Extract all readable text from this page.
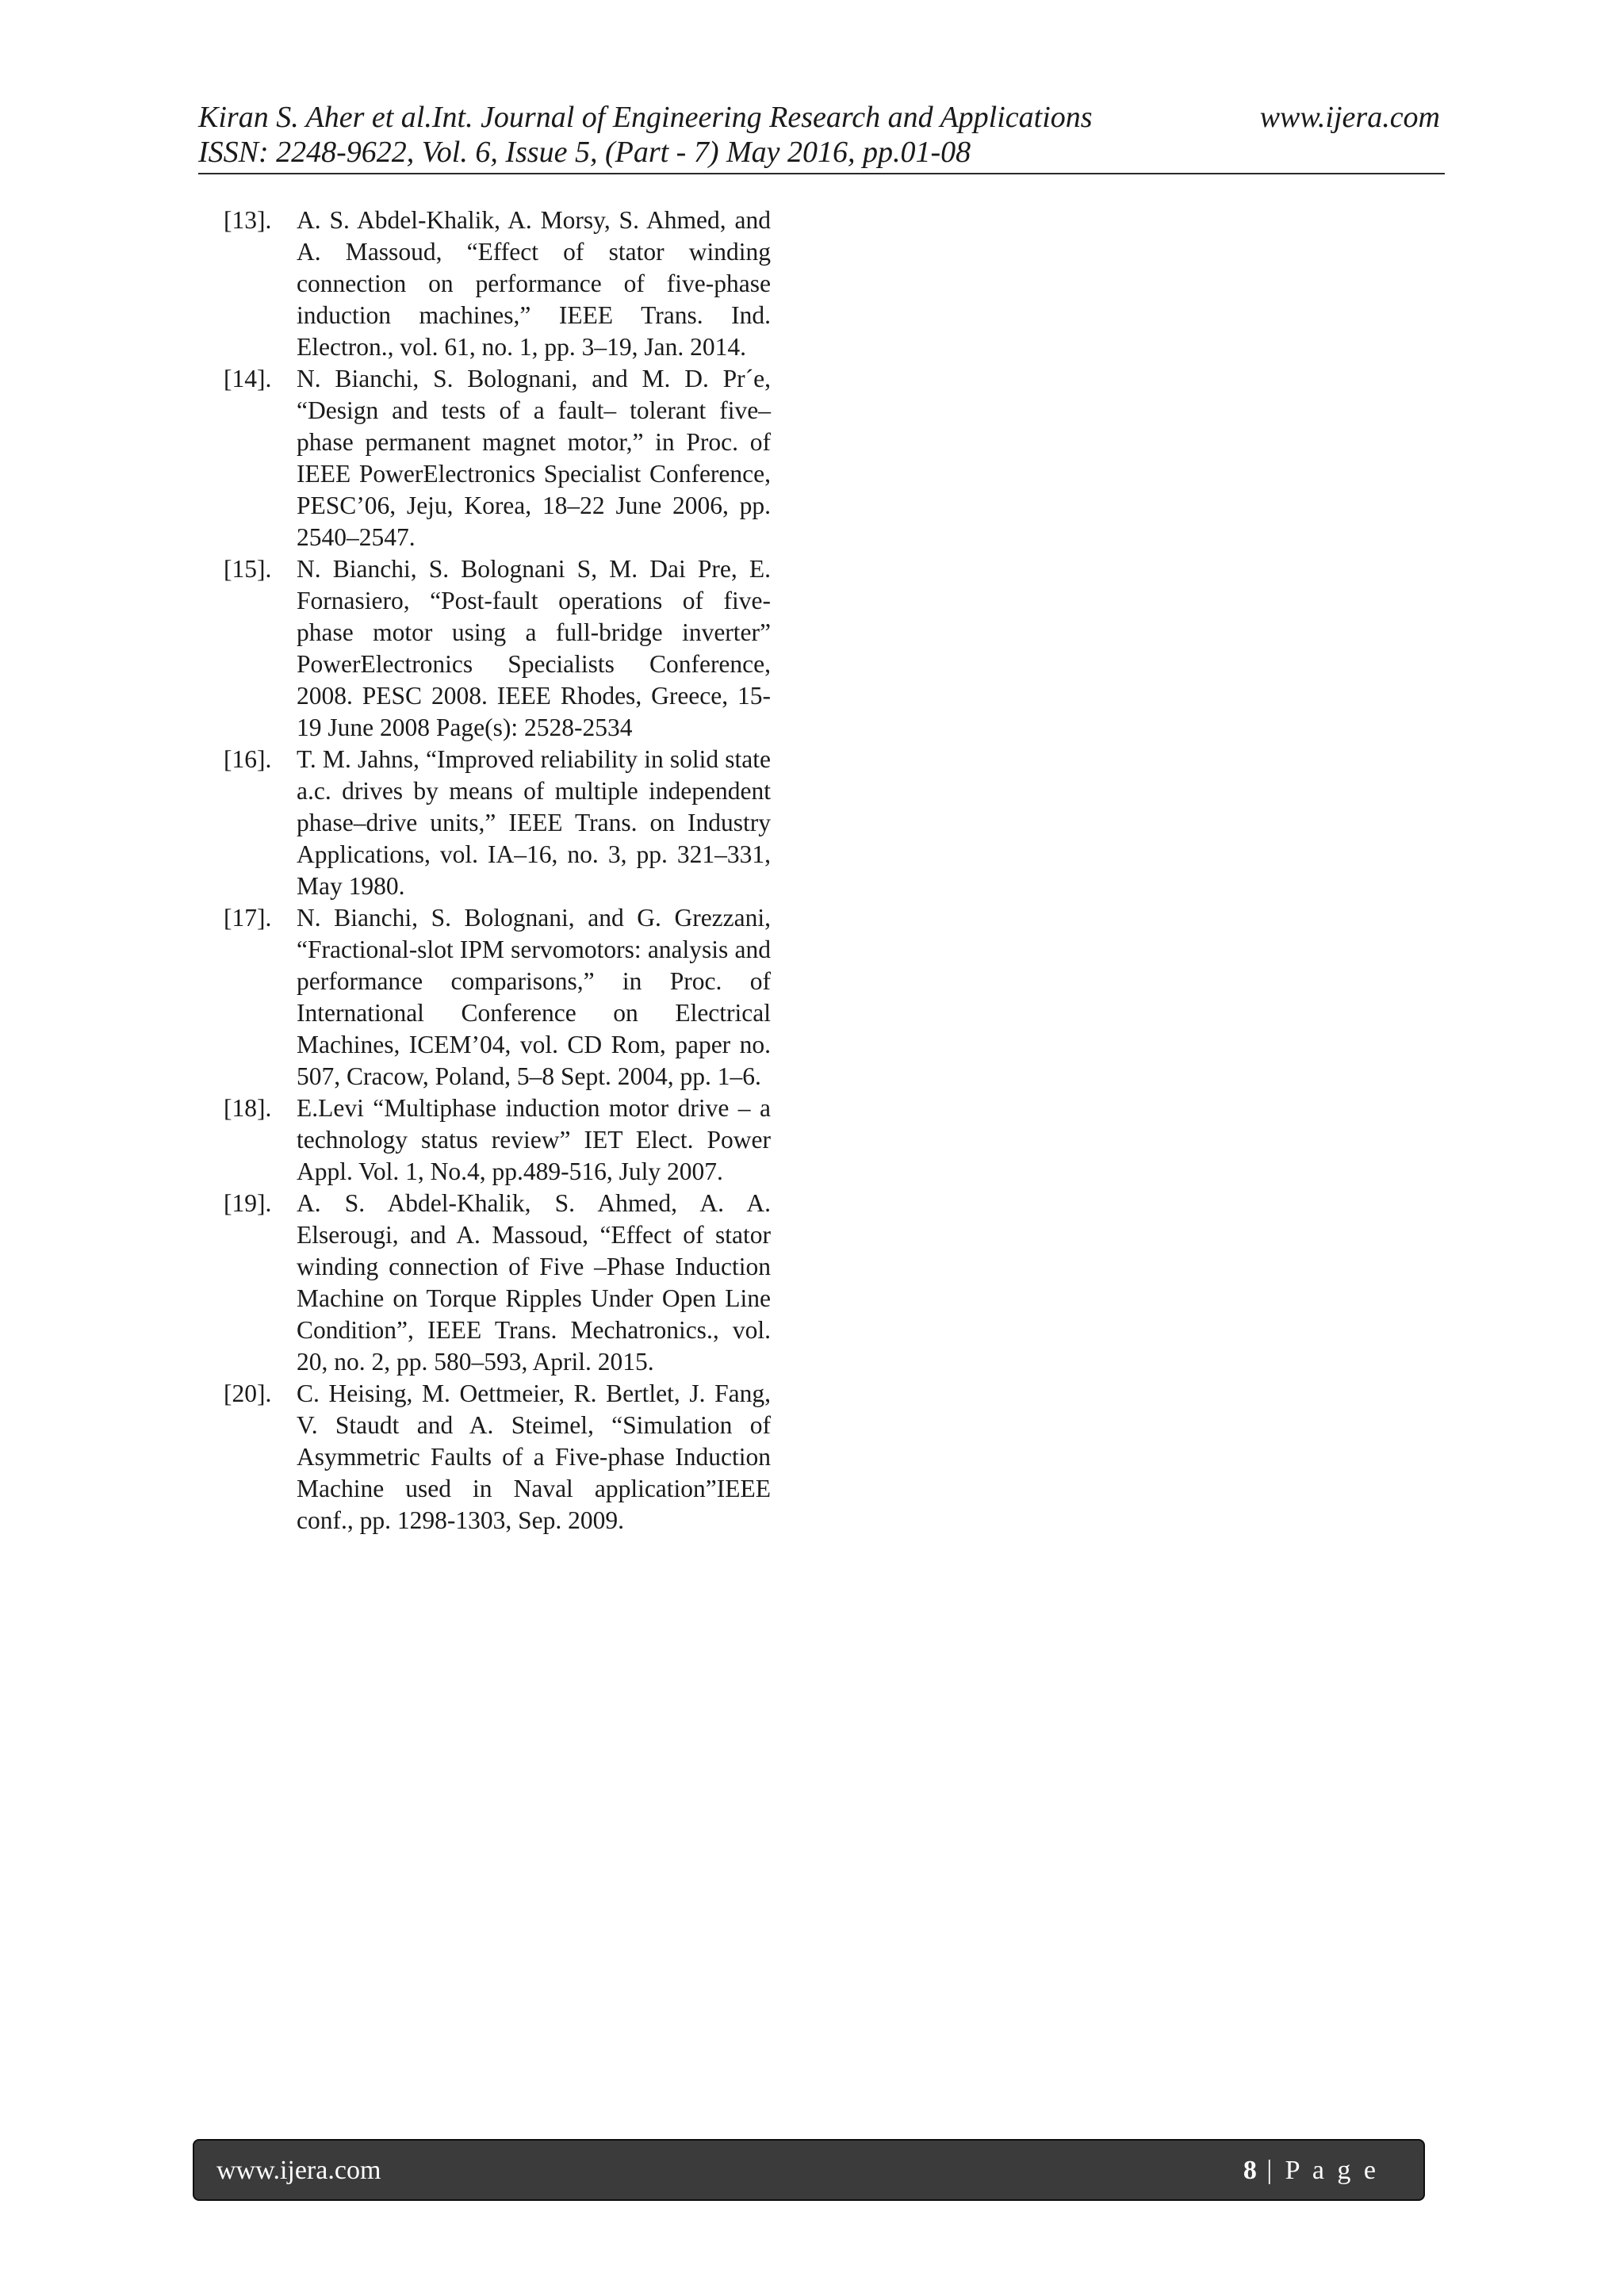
Kiran S. Aher et al.Int. Journal of Engineering Research and Applications
ISSN: 2248-9622, Vol. 6, Issue 5, (Part - 7) May 2016, pp.01-08
www.ijera.com
[13]. A. S. Abdel-Khalik, A. Morsy, S. Ahmed, and A. Massoud, “Effect of stator winding connection on performance of five-phase induction machines,” IEEE Trans. Ind. Electron., vol. 61, no. 1, pp. 3–19, Jan. 2014.
[14]. N. Bianchi, S. Bolognani, and M. D. Pr´e, “Design and tests of a fault– tolerant five– phase permanent magnet motor,” in Proc. of IEEE PowerElectronics Specialist Conference, PESC’06, Jeju, Korea, 18–22 June 2006, pp. 2540–2547.
[15]. N. Bianchi, S. Bolognani S, M. Dai Pre, E. Fornasiero, “Post-fault operations of five-phase motor using a full-bridge inverter” PowerElectronics Specialists Conference, 2008. PESC 2008. IEEE Rhodes, Greece, 15-19 June 2008 Page(s): 2528-2534
[16]. T. M. Jahns, “Improved reliability in solid state a.c. drives by means of multiple independent phase–drive units,” IEEE Trans. on Industry Applications, vol. IA–16, no. 3, pp. 321–331, May 1980.
[17]. N. Bianchi, S. Bolognani, and G. Grezzani, “Fractional-slot IPM servomotors: analysis and performance comparisons,” in Proc. of International Conference on Electrical Machines, ICEM’04, vol. CD Rom, paper no. 507, Cracow, Poland, 5–8 Sept. 2004, pp. 1–6.
[18]. E.Levi “Multiphase induction motor drive – a technology status review” IET Elect. Power Appl. Vol. 1, No.4, pp.489-516, July 2007.
[19]. A. S. Abdel-Khalik, S. Ahmed, A. A. Elserougi, and A. Massoud, “Effect of stator winding connection of Five –Phase Induction Machine on Torque Ripples Under Open Line Condition”, IEEE Trans. Mechatronics., vol. 20, no. 2, pp. 580–593, April. 2015.
[20]. C. Heising, M. Oettmeier, R. Bertlet, J. Fang, V. Staudt and A. Steimel, “Simulation of Asymmetric Faults of a Five-phase Induction Machine used in Naval application”IEEE conf., pp. 1298-1303, Sep. 2009.
www.ijera.com	8 | P a g e
